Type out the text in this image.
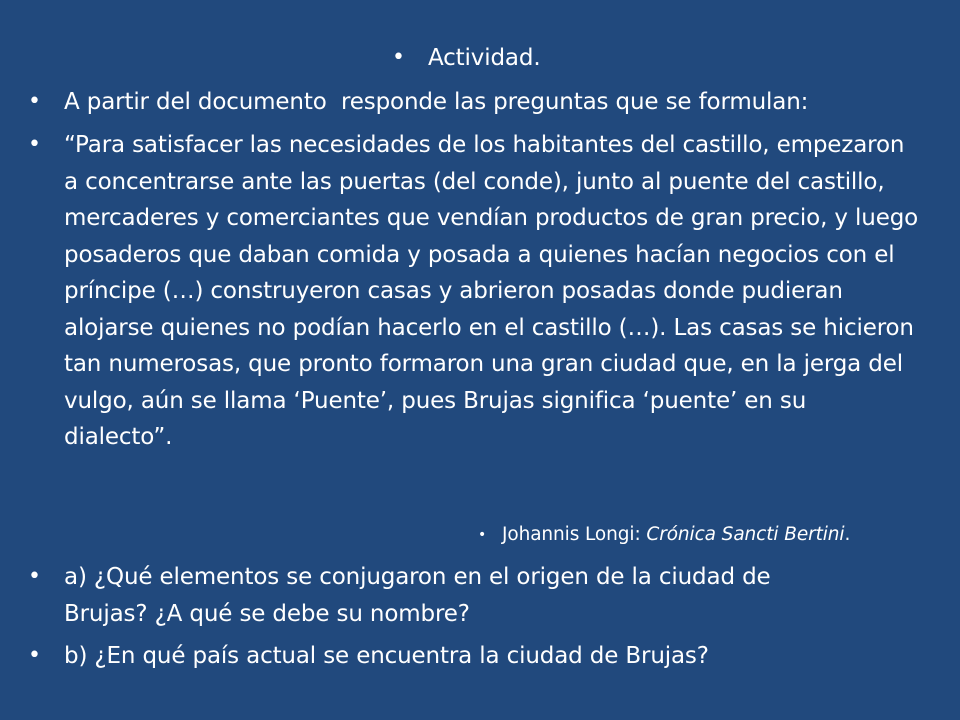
•	Actividad.
•	A partir del documento  responde las preguntas que se formulan:
•	“Para satisfacer las necesidades de los habitantes del castillo, empezaron a concentrarse ante las puertas (del conde), junto al puente del castillo, mercaderes y comerciantes que vendían productos de gran precio, y luego posaderos que daban comida y posada a quienes hacían negocios con el príncipe (…) construyeron casas y abrieron posadas donde pudieran alojarse quienes no podían hacerlo en el castillo (…). Las casas se hicieron tan numerosas, que pronto formaron una gran ciudad que, en la jerga del vulgo, aún se llama ‘Puente’, pues Brujas significa ‘puente’ en su dialecto”.
• Johannis Longi: Crónica Sancti Bertini.
•	a) ¿Qué elementos se conjugaron en el origen de la ciudad de Brujas? ¿A qué se debe su nombre?
•	b) ¿En qué país actual se encuentra la ciudad de Brujas?
